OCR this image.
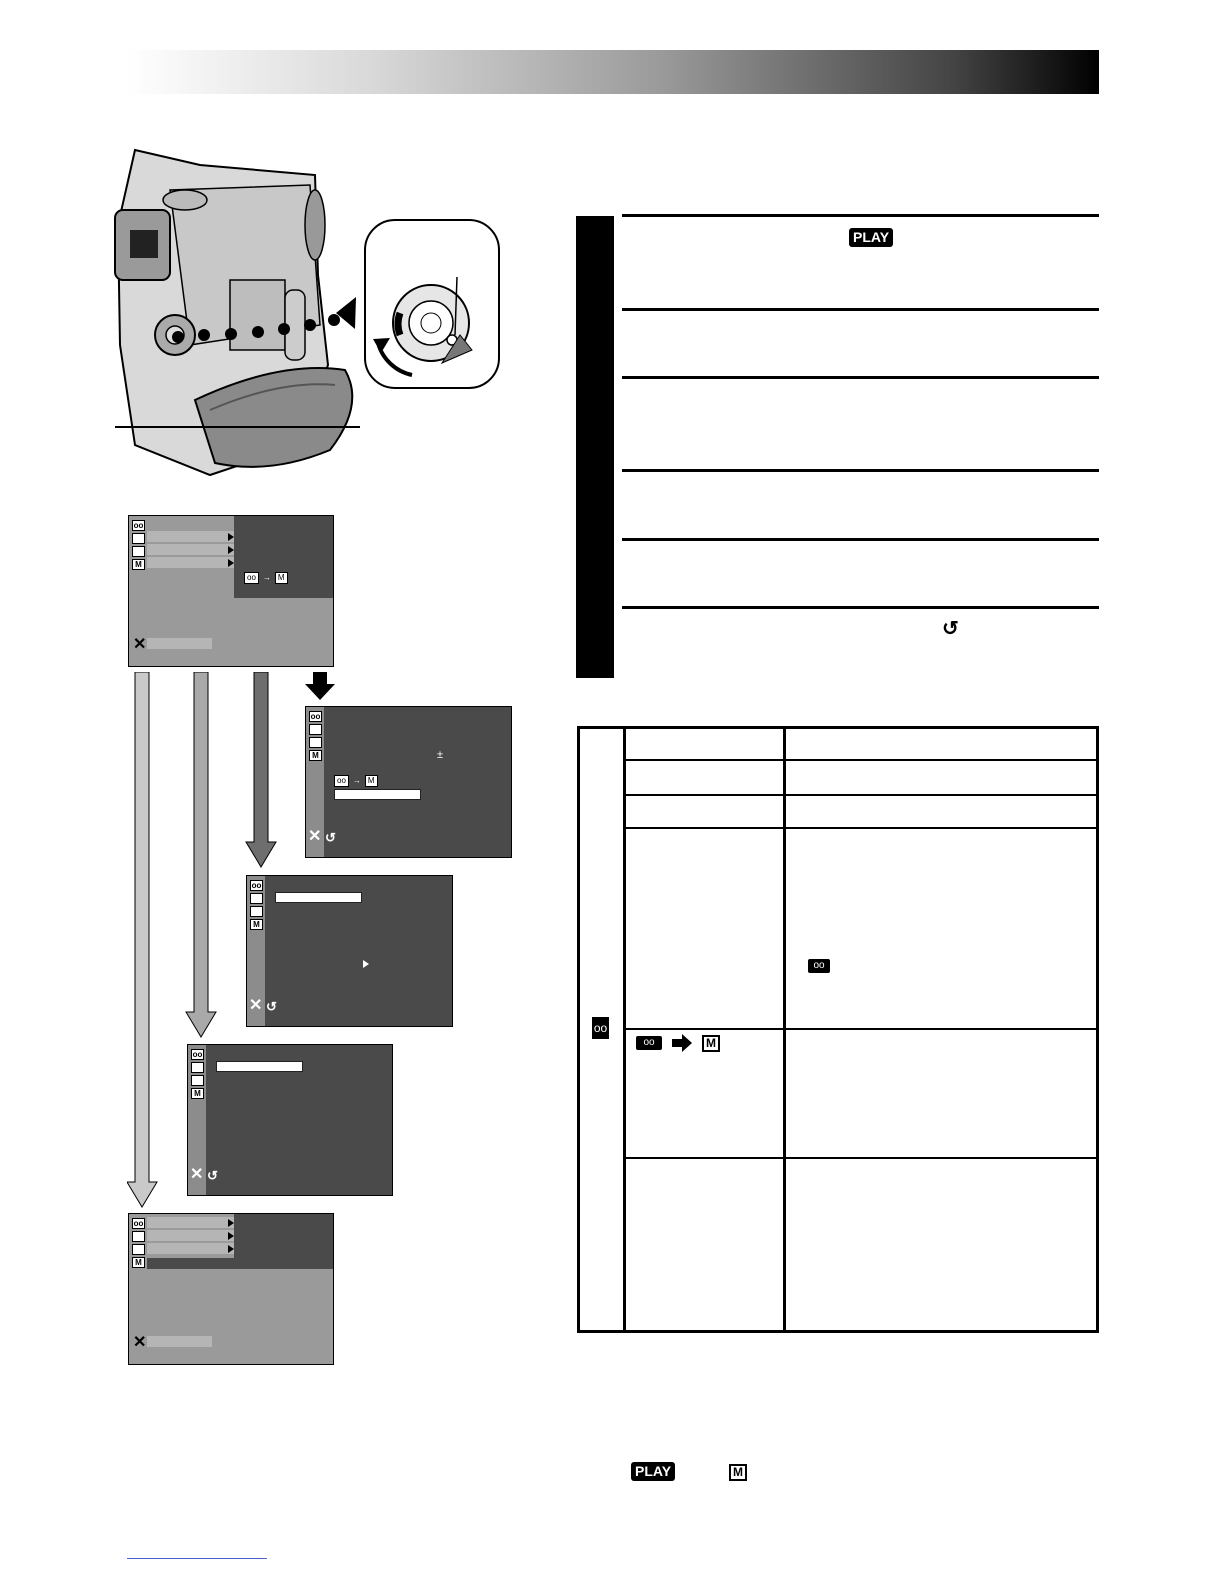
oo
M
oo → M
✕
oo
M	±
oo → M
✕ ↺
oo
M
✕ ↺
oo
M
✕ ↺
oo
M
✕
PLAY
↺
oo
oo
oo	M
PLAY	M
